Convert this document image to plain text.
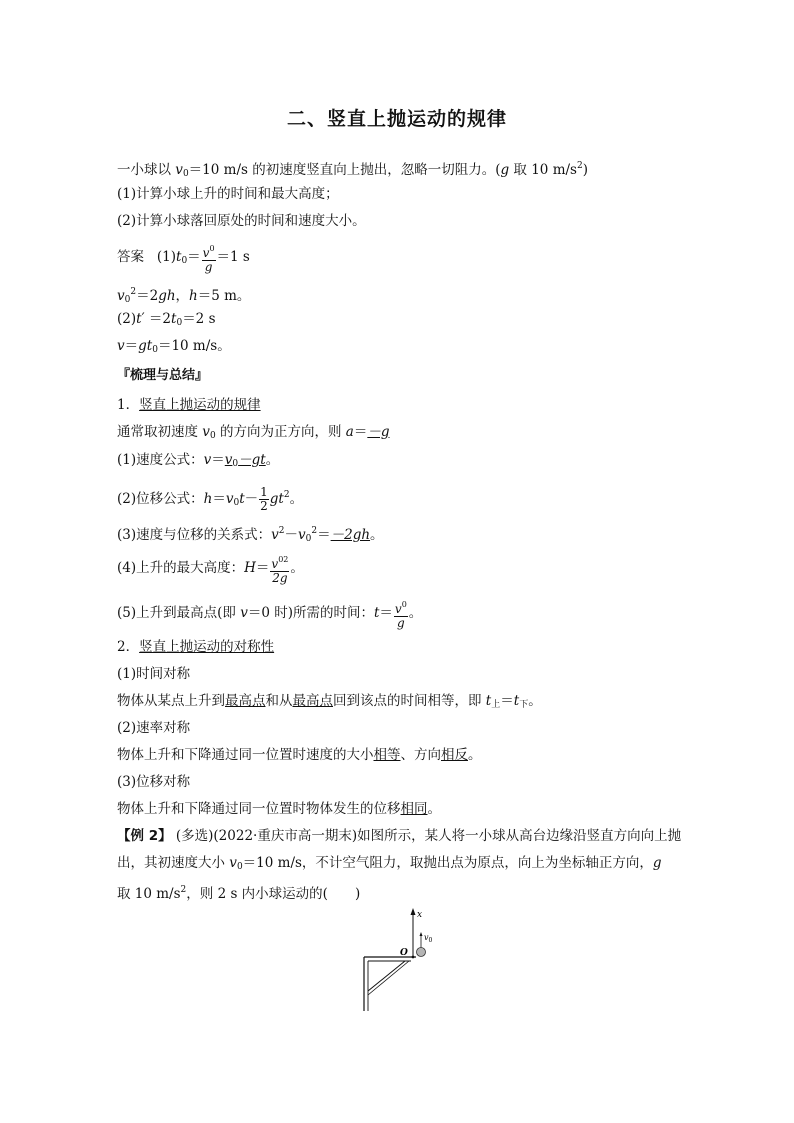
二、竖直上抛运动的规律
一小球以 $v_0=10$ m/s 的初速度竖直向上抛出，忽略一切阻力。(g 取 10 $m/s^2$)
(1)计算小球上升的时间和最大高度；
(2)计算小球落回原处的时间和速度大小。
答案 $(1)t_0= \frac{v^0}{g} =1$ s
$v_0^2=2gh$，h＝5 m。
$(2)t' =2t_0=2$ s
$v=gt_0=10$ m/s。
『梳理与总结』
1．竖直上抛运动的规律
通常取初速度 $v_0$ 的方向为正方向，则 a＝－g
(1)速度公式：$v=v_0-gt$。
(2)位移公式：$h=v_0t- \frac{1}{2} gt^2$。
(3)速度与位移的关系式：$v^2-v_0^2=-2gh$。
(4)上升的最大高度：$H= \frac{v^{02}}{2g}$ 。
(5)上升到最高点(即 v＝0 时)所需的时间：$t= \frac{v^0}{g}$ 。
2．竖直上抛运动的对称性
(1)时间对称
物体从某点上升到最高点和从最高点回到该点的时间相等，即 $t_上=t_下$。
(2)速率对称
物体上升和下降通过同一位置时速度的大小相等、方向相反。
(3)位移对称
物体上升和下降通过同一位置时物体发生的位移相同。
【例 2】 (多选)(2022·重庆市高一期末)如图所示，某人将一小球从高台边缘沿竖直方向向上抛
出，其初速度大小 $v_0=10$ m/s，不计空气阻力，取抛出点为原点，向上为坐标轴正方向，g
取 10 $m/s^2$，则 2 s 内小球运动的(　　)
x
$v_0$
O
